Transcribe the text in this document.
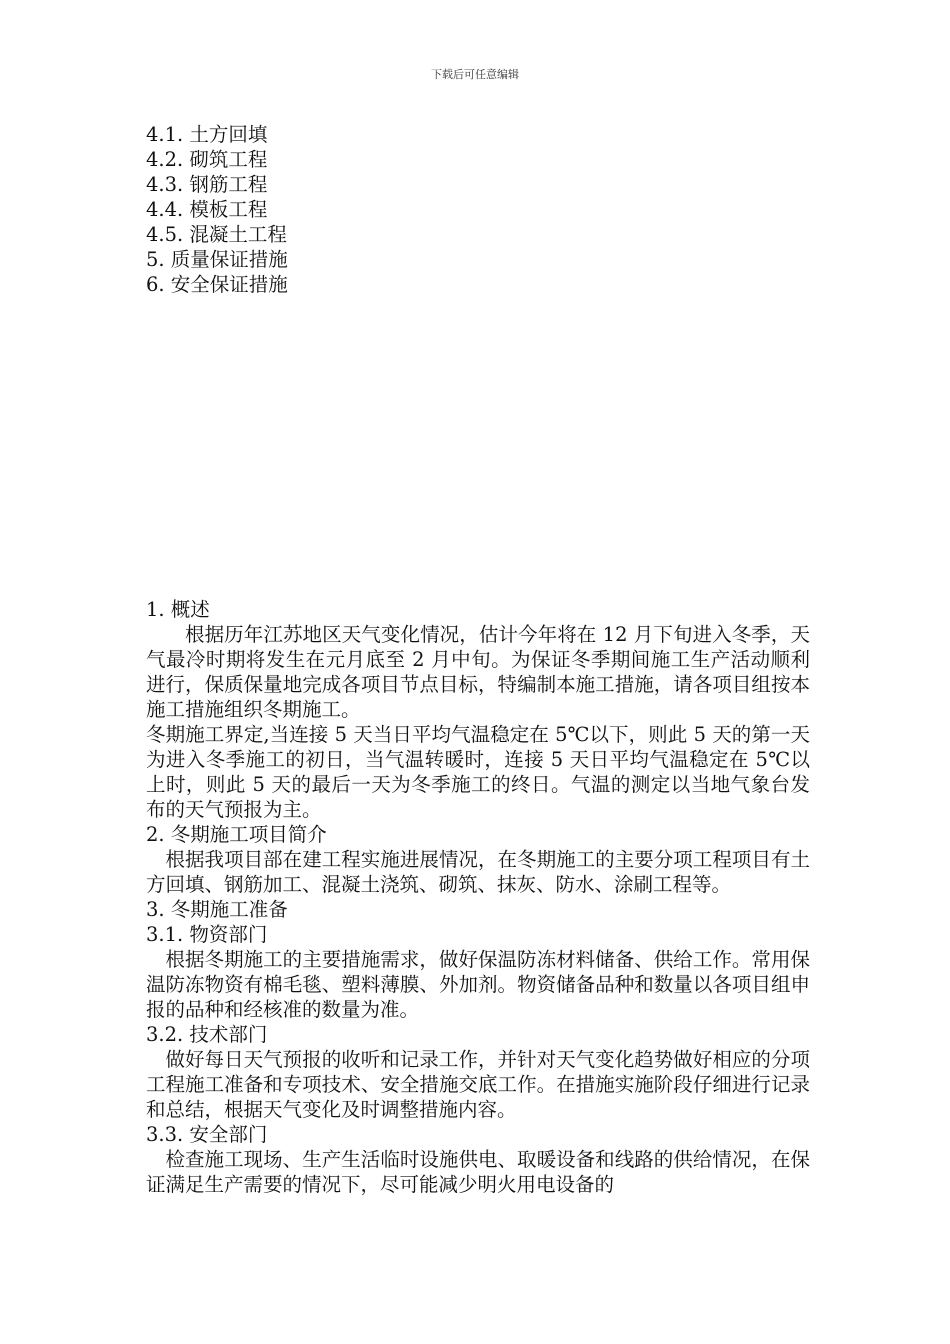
下载后可任意编辑
4.1. 土方回填
4.2. 砌筑工程
4.3. 钢筋工程
4.4. 模板工程
4.5. 混凝土工程
5. 质量保证措施
6. 安全保证措施
1. 概述

根据历年江苏地区天气变化情况，估计今年将在 12 月下旬进入冬季，天气最冷时期将发生在元月底至 2 月中旬。为保证冬季期间施工生产活动顺利进行，保质保量地完成各项目节点目标，特编制本施工措施，请各项目组按本施工措施组织冬期施工。

冬期施工界定,当连接 5 天当日平均气温稳定在 5℃以下，则此 5 天的第一天为进入冬季施工的初日，当气温转暖时，连接 5 天日平均气温稳定在 5℃以上时，则此 5 天的最后一天为冬季施工的终日。气温的测定以当地气象台发布的天气预报为主。

2. 冬期施工项目简介

根据我项目部在建工程实施进展情况，在冬期施工的主要分项工程项目有土方回填、钢筋加工、混凝土浇筑、砌筑、抹灰、防水、涂刷工程等。

3. 冬期施工准备
3.1. 物资部门

根据冬期施工的主要措施需求，做好保温防冻材料储备、供给工作。常用保温防冻物资有棉毛毯、塑料薄膜、外加剂。物资储备品种和数量以各项目组申报的品种和经核准的数量为准。

3.2. 技术部门

做好每日天气预报的收听和记录工作，并针对天气变化趋势做好相应的分项工程施工准备和专项技术、安全措施交底工作。在措施实施阶段仔细进行记录和总结，根据天气变化及时调整措施内容。

3.3. 安全部门

检查施工现场、生产生活临时设施供电、取暖设备和线路的供给情况，在保证满足生产需要的情况下，尽可能减少明火用电设备的
